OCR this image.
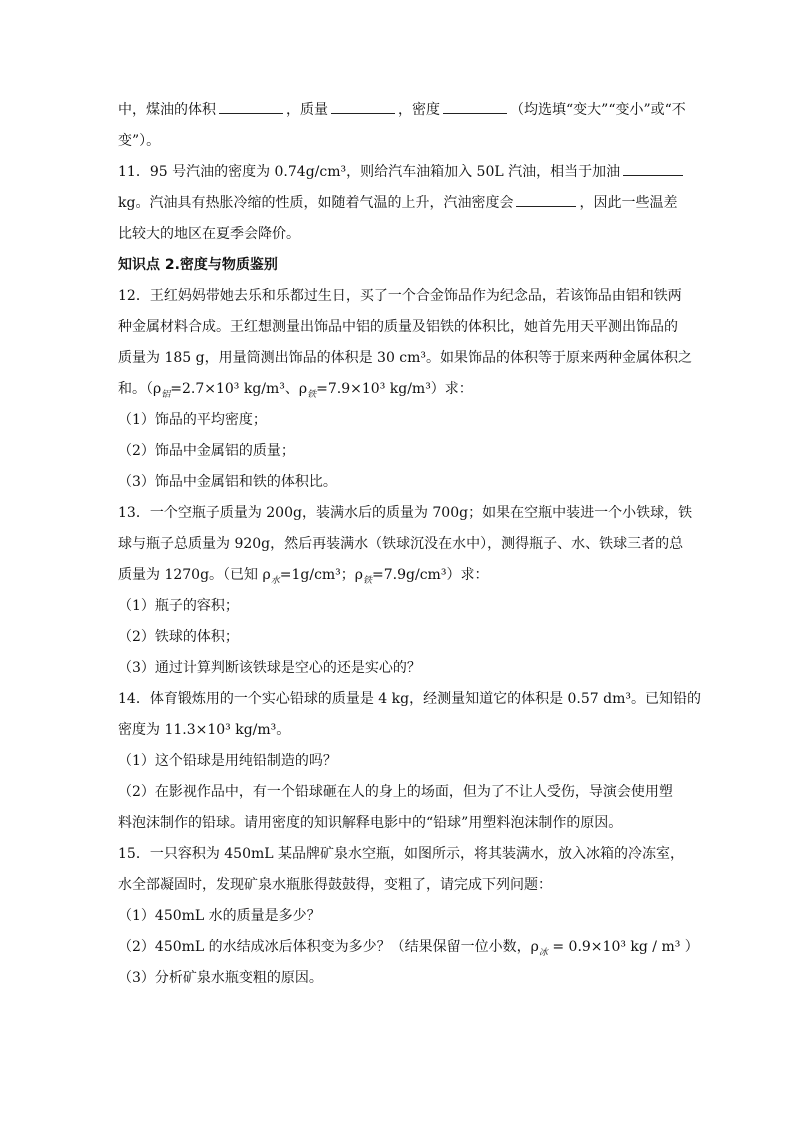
中，煤油的体积	，质量	，密度	（均选填“变大”“变小”或“不
变”）。
11．95 号汽油的密度为 0.74g/cm³，则给汽车油箱加入 50L 汽油，相当于加油
kg。汽油具有热胀冷缩的性质，如随着气温的上升，汽油密度会	，因此一些温差
比较大的地区在夏季会降价。
知识点 2.密度与物质鉴别
12．王红妈妈带她去乐和乐都过生日，买了一个合金饰品作为纪念品，若该饰品由铝和铁两
种金属材料合成。王红想测量出饰品中铝的质量及铝铁的体积比，她首先用天平测出饰品的
质量为 185 g，用量筒测出饰品的体积是 30 cm³。如果饰品的体积等于原来两种金属体积之
和。（$\rho_铝=2.7\times 10^3$ kg/m³、$\rho_铁=7.9\times 10^3$ kg/m³）求：
（1）饰品的平均密度；
（2）饰品中金属铝的质量；
（3）饰品中金属铝和铁的体积比。
13．一个空瓶子质量为 200g，装满水后的质量为 700g；如果在空瓶中装进一个小铁球，铁
球与瓶子总质量为 920g，然后再装满水（铁球沉没在水中），测得瓶子、水、铁球三者的总
质量为 1270g。（已知 $\rho_水=1g$/cm³；$\rho_铁=7.9g/cm^3$）求：
（1）瓶子的容积；
（2）铁球的体积；
（3）通过计算判断该铁球是空心的还是实心的？
14．体育锻炼用的一个实心铅球的质量是 4 kg，经测量知道它的体积是 0.57 dm³。已知铅的
密度为 11.3×10³ kg/m³。
（1）这个铅球是用纯铅制造的吗？
（2）在影视作品中，有一个铅球砸在人的身上的场面，但为了不让人受伤，导演会使用塑
料泡沫制作的铅球。请用密度的知识解释电影中的“铅球”用塑料泡沫制作的原因。
15．一只容积为 450mL 某品牌矿泉水空瓶，如图所示，将其装满水，放入冰箱的冷冻室，
水全部凝固时，发现矿泉水瓶胀得鼓鼓得，变粗了，请完成下列问题：
（1）450mL 水的质量是多少？
（2）450mL 的水结成冰后体积变为多少？（结果保留一位小数，$\rho_冰 = 0.9\times 10^3$ kg / m³ ）
（3）分析矿泉水瓶变粗的原因。
